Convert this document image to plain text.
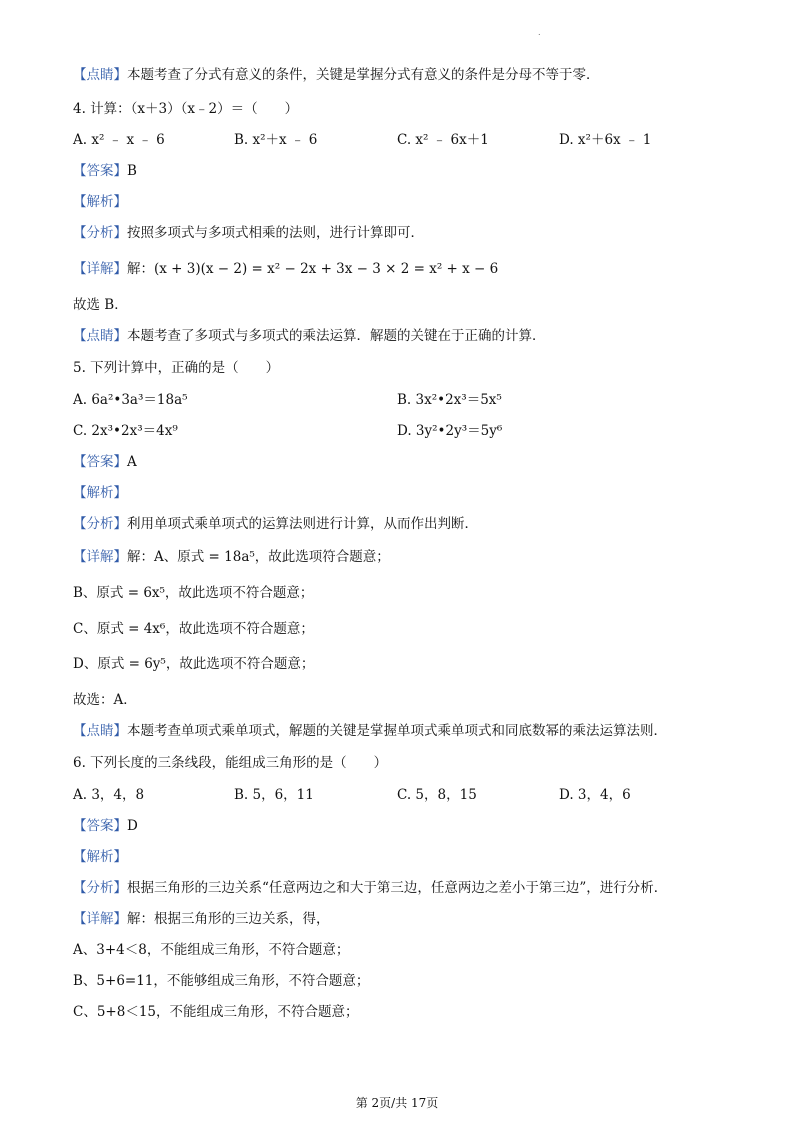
.
【点睛】本题考查了分式有意义的条件，关键是掌握分式有意义的条件是分母不等于零．
4. 计算：（x＋3）（x﹣2）＝（　　）
A. x² ﹣ x ﹣ 6	B. x²＋x ﹣ 6	C. x² ﹣ 6x＋1	D. x²＋6x ﹣ 1
【答案】B
【解析】
【分析】按照多项式与多项式相乘的法则，进行计算即可．
【详解】解：(x + 3)(x − 2) = x² − 2x + 3x − 3 × 2 = x² + x − 6
故选 B．
【点睛】本题考查了多项式与多项式的乘法运算．解题的关键在于正确的计算．
5. 下列计算中，正确的是（　　）
A. 6a²•3a³＝18a⁵	B. 3x²•2x³＝5x⁵
C. 2x³•2x³＝4x⁹	D. 3y²•2y³＝5y⁶
【答案】A
【解析】
【分析】利用单项式乘单项式的运算法则进行计算，从而作出判断．
【详解】解：A、原式 = 18a⁵，故此选项符合题意；
B、原式 = 6x⁵，故此选项不符合题意；
C、原式 = 4x⁶，故此选项不符合题意；
D、原式 = 6y⁵，故此选项不符合题意；
故选：A．
【点睛】本题考查单项式乘单项式，解题的关键是掌握单项式乘单项式和同底数幂的乘法运算法则．
6. 下列长度的三条线段，能组成三角形的是（　　）
A. 3，4，8	B. 5，6，11	C. 5，8，15	D. 3，4，6
【答案】D
【解析】
【分析】根据三角形的三边关系“任意两边之和大于第三边，任意两边之差小于第三边”，进行分析．
【详解】解：根据三角形的三边关系，得，
A、3+4＜8，不能组成三角形，不符合题意；
B、5+6=11，不能够组成三角形，不符合题意；
C、5+8＜15，不能组成三角形，不符合题意；
第 2页/共 17页
